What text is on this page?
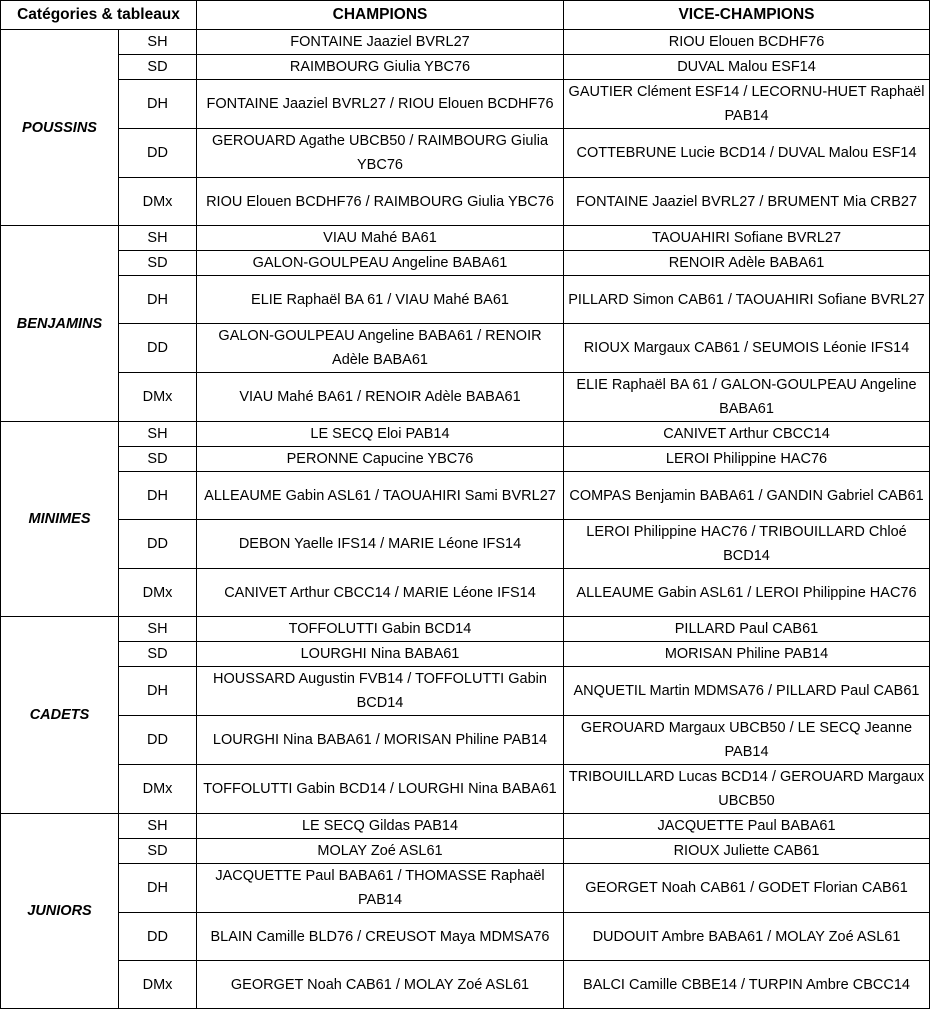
Catégories & tableaux		CHAMPIONS	VICE-CHAMPIONS
POUSSINS	SH	FONTAINE Jaaziel BVRL27	RIOU Elouen BCDHF76
	SD	RAIMBOURG Giulia YBC76	DUVAL Malou ESF14
	DH	FONTAINE Jaaziel BVRL27 / RIOU Elouen BCDHF76	GAUTIER Clément ESF14 / LECORNU-HUET Raphaël PAB14
	DD	GEROUARD Agathe UBCB50 / RAIMBOURG Giulia YBC76	COTTEBRUNE Lucie BCD14 / DUVAL Malou ESF14
	DMx	RIOU Elouen BCDHF76 / RAIMBOURG Giulia YBC76	FONTAINE Jaaziel BVRL27 / BRUMENT Mia CRB27
BENJAMINS	SH	VIAU Mahé BA61	TAOUAHIRI Sofiane BVRL27
	SD	GALON-GOULPEAU Angeline BABA61	RENOIR Adèle BABA61
	DH	ELIE Raphaël BA 61 / VIAU Mahé BA61	PILLARD Simon CAB61 / TAOUAHIRI Sofiane BVRL27
	DD	GALON-GOULPEAU Angeline BABA61 / RENOIR Adèle BABA61	RIOUX Margaux CAB61 / SEUMOIS Léonie IFS14
	DMx	VIAU Mahé BA61 / RENOIR Adèle BABA61	ELIE Raphaël BA 61 / GALON-GOULPEAU Angeline BABA61
MINIMES	SH	LE SECQ Eloi PAB14	CANIVET Arthur CBCC14
	SD	PERONNE Capucine YBC76	LEROI Philippine HAC76
	DH	ALLEAUME Gabin ASL61 / TAOUAHIRI Sami BVRL27	COMPAS Benjamin BABA61 / GANDIN Gabriel CAB61
	DD	DEBON Yaelle IFS14 / MARIE Léone IFS14	LEROI Philippine HAC76 / TRIBOUILLARD Chloé BCD14
	DMx	CANIVET Arthur CBCC14 / MARIE Léone IFS14	ALLEAUME Gabin ASL61 / LEROI Philippine HAC76
CADETS	SH	TOFFOLUTTI Gabin BCD14	PILLARD Paul CAB61
	SD	LOURGHI Nina BABA61	MORISAN Philine PAB14
	DH	HOUSSARD Augustin FVB14 / TOFFOLUTTI Gabin BCD14	ANQUETIL Martin MDMSA76 / PILLARD Paul CAB61
	DD	LOURGHI Nina BABA61 / MORISAN Philine PAB14	GEROUARD Margaux UBCB50 / LE SECQ Jeanne PAB14
	DMx	TOFFOLUTTI Gabin BCD14 / LOURGHI Nina BABA61	TRIBOUILLARD Lucas BCD14 / GEROUARD Margaux UBCB50
JUNIORS	SH	LE SECQ Gildas PAB14	JACQUETTE Paul BABA61
	SD	MOLAY Zoé ASL61	RIOUX Juliette CAB61
	DH	JACQUETTE Paul BABA61 / THOMASSE Raphaël PAB14	GEORGET Noah CAB61 / GODET Florian CAB61
	DD	BLAIN Camille BLD76 / CREUSOT Maya MDMSA76	DUDOUIT Ambre BABA61 / MOLAY Zoé ASL61
	DMx	GEORGET Noah CAB61 / MOLAY Zoé ASL61	BALCI Camille CBBE14 / TURPIN Ambre CBCC14
